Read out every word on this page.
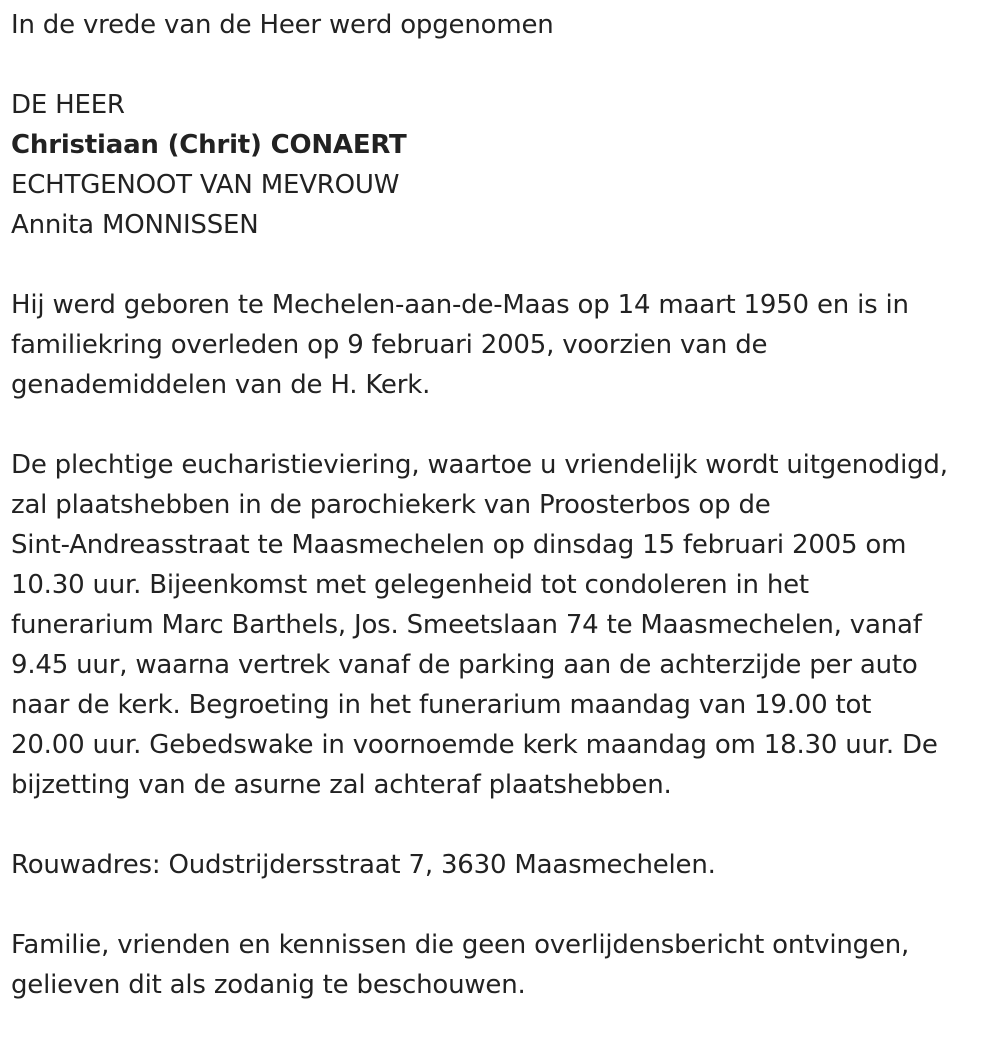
In de vrede van de Heer werd opgenomen

DE HEER

Christiaan (Chrit) CONAERT

ECHTGENOOT VAN MEVROUW

Annita MONNISSEN

Hij werd geboren te Mechelen-aan-de-Maas op 14 maart 1950 en is in
familiekring overleden op 9 februari 2005, voorzien van de
genademiddelen van de H. Kerk.

De plechtige eucharistieviering, waartoe u vriendelijk wordt uitgenodigd,
zal plaatshebben in de parochiekerk van Proosterbos op de
Sint-Andreasstraat te Maasmechelen op dinsdag 15 februari 2005 om
10.30 uur. Bijeenkomst met gelegenheid tot condoleren in het
funerarium Marc Barthels, Jos. Smeetslaan 74 te Maasmechelen, vanaf
9.45 uur, waarna vertrek vanaf de parking aan de achterzijde per auto
naar de kerk. Begroeting in het funerarium maandag van 19.00 tot
20.00 uur. Gebedswake in voornoemde kerk maandag om 18.30 uur. De
bijzetting van de asurne zal achteraf plaatshebben.

Rouwadres: Oudstrijdersstraat 7, 3630 Maasmechelen.

Familie, vrienden en kennissen die geen overlijdensbericht ontvingen,
gelieven dit als zodanig te beschouwen.
